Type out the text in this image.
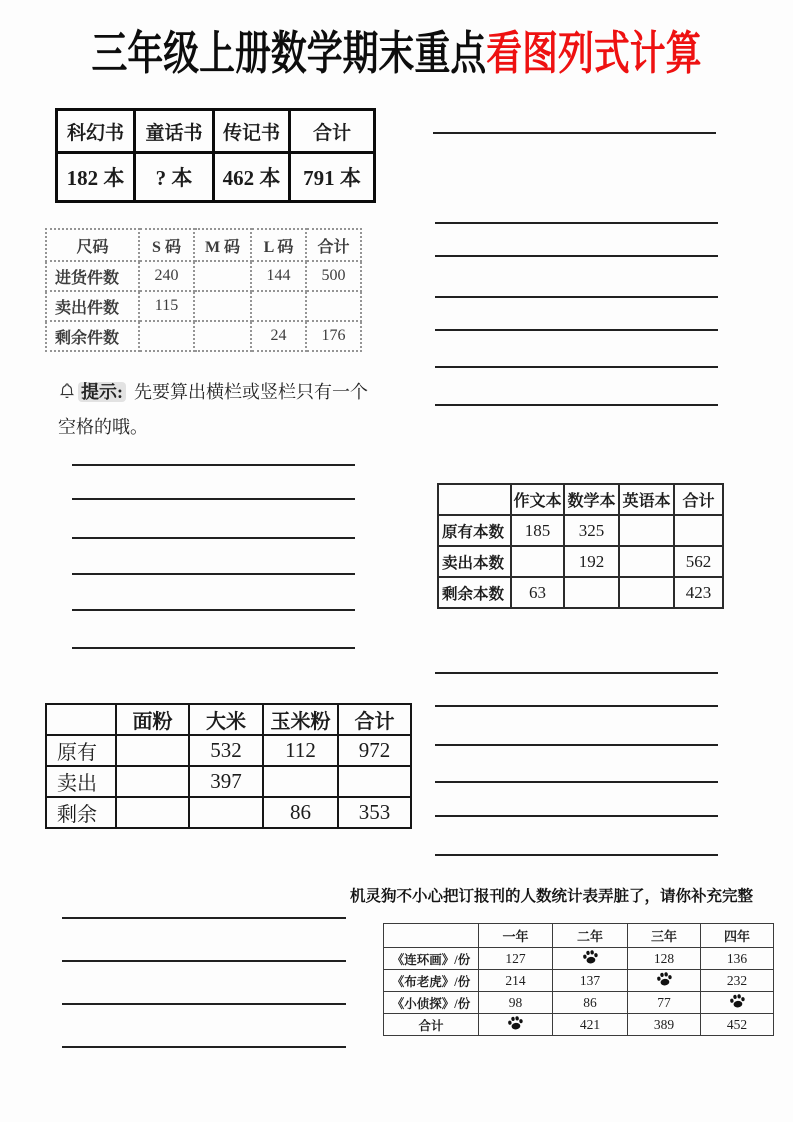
三年级上册数学期末重点看图列式计算
科幻书	童话书	传记书	合计
182 本	? 本	462 本	791 本
尺码	S 码	M 码	L 码	合计
进货件数	240		144	500
卖出件数	115			
剩余件数			24	176
提示: 先要算出横栏或竖栏只有一个空格的哦。
	作文本	数学本	英语本	合计
原有本数	185	325		
卖出本数		192		562
剩余本数	63			423
	面粉	大米	玉米粉	合计
原有		532	112	972
卖出		397		
剩余			86	353
机灵狗不小心把订报刊的人数统计表弄脏了，请你补充完整
	一年	二年	三年	四年
《连环画》/份	127		128	136
《布老虎》/份	214	137		232
《小侦探》/份	98	86	77	
合计		421	389	452
